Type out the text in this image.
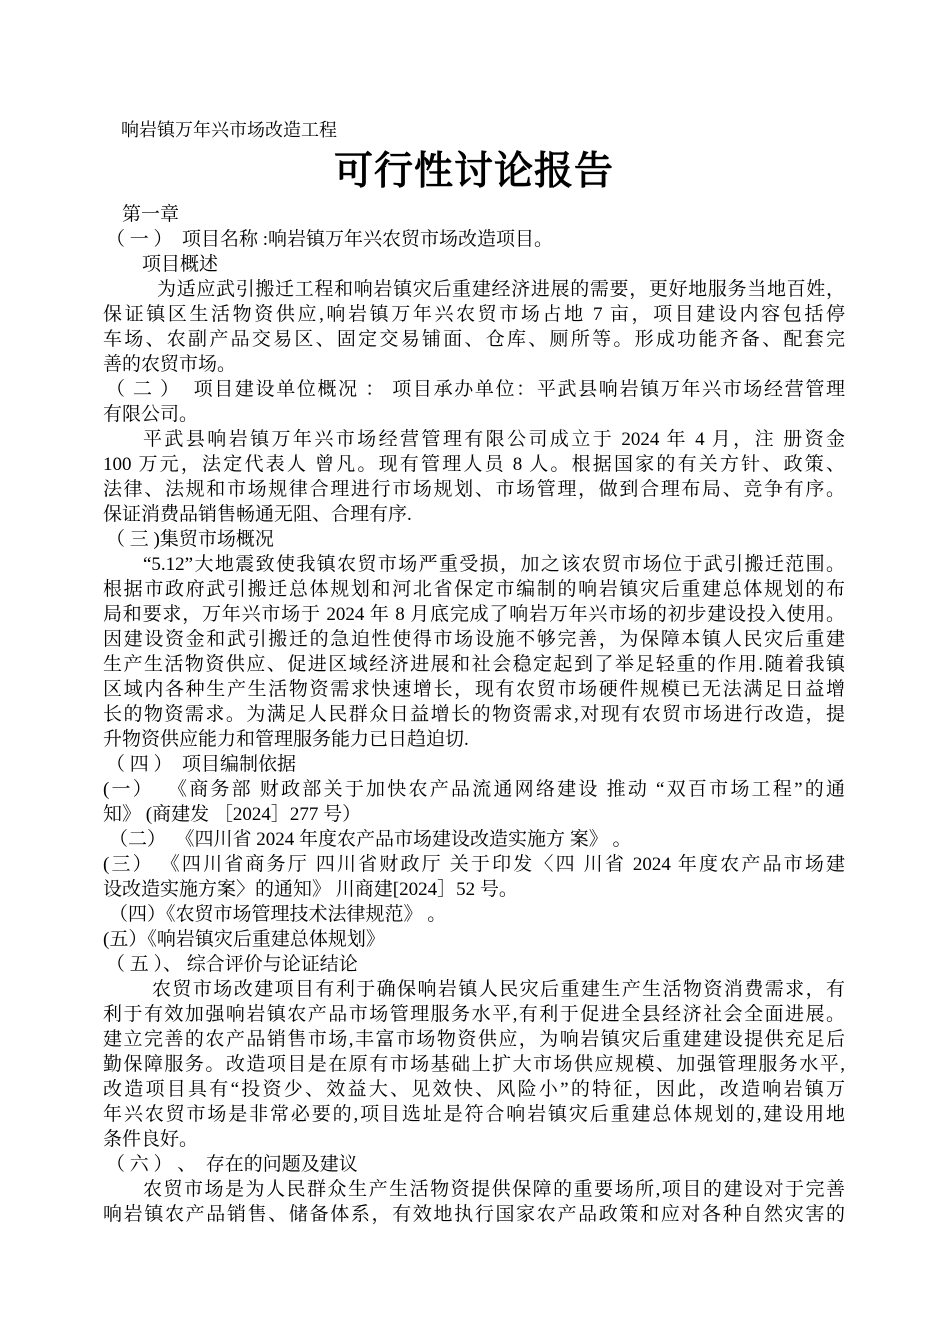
响岩镇万年兴市场改造工程
可行性讨论报告
第一章
（ 一 ）  项目名称 :响岩镇万年兴农贸市场改造项目。
项目概述
为适应武引搬迁工程和响岩镇灾后重建经济进展的需要，更好地服务当地百姓，
保证镇区生活物资供应,响岩镇万年兴农贸市场占地 7 亩，项目建设内容包括停
车场、农副产品交易区、固定交易铺面、仓库、厕所等。形成功能齐备、配套完
善的农贸市场。
（ 二 ）  项目建设单位概况 ： 项目承办单位：平武县响岩镇万年兴市场经营管理
有限公司。
平武县响岩镇万年兴市场经营管理有限公司成立于 2024 年 4 月，注 册资金
100 万元，法定代表人 曾凡。现有管理人员 8 人。根据国家的有关方针、政策、
法律、法规和市场规律合理进行市场规划、市场管理，做到合理布局、竞争有序。
保证消费品销售畅通无阻、合理有序.
（ 三 )集贸市场概况
“5.12”大地震致使我镇农贸市场严重受损，加之该农贸市场位于武引搬迁范围。
根据市政府武引搬迁总体规划和河北省保定市编制的响岩镇灾后重建总体规划的布
局和要求，万年兴市场于 2024 年 8 月底完成了响岩万年兴市场的初步建设投入使用。
因建设资金和武引搬迁的急迫性使得市场设施不够完善，为保障本镇人民灾后重建
生产生活物资供应、促进区域经济进展和社会稳定起到了举足轻重的作用.随着我镇
区域内各种生产生活物资需求快速增长，现有农贸市场硬件规模已无法满足日益增
长的物资需求。为满足人民群众日益增长的物资需求,对现有农贸市场进行改造，提
升物资供应能力和管理服务能力已日趋迫切.
（ 四 ）  项目编制依据
(一）  《商务部 财政部关于加快农产品流通网络建设 推动 “双百市场工程”的通
知》 (商建发 ［2024］277 号）
（二）  《四川省 2024 年度农产品市场建设改造实施方 案》 。
(三） 《四川省商务厅 四川省财政厅 关于印发〈四 川省 2024 年度农产品市场建
设改造实施方案〉的通知》 川商建[2024］52 号。
（四）《农贸市场管理技术法律规范》 。
(五）《响岩镇灾后重建总体规划》
（ 五 ）、 综合评价与论证结论
农贸市场改建项目有利于确保响岩镇人民灾后重建生产生活物资消费需求，有
利于有效加强响岩镇农产品市场管理服务水平,有利于促进全县经济社会全面进展。
建立完善的农产品销售市场,丰富市场物资供应，为响岩镇灾后重建建设提供充足后
勤保障服务。改造项目是在原有市场基础上扩大市场供应规模、加强管理服务水平,
改造项目具有“投资少、效益大、见效快、风险小”的特征，因此，改造响岩镇万
年兴农贸市场是非常必要的,项目选址是符合响岩镇灾后重建总体规划的,建设用地
条件良好。
（ 六 ） 、  存在的问题及建议
农贸市场是为人民群众生产生活物资提供保障的重要场所,项目的建设对于完善
响岩镇农产品销售、储备体系，有效地执行国家农产品政策和应对各种自然灾害的
